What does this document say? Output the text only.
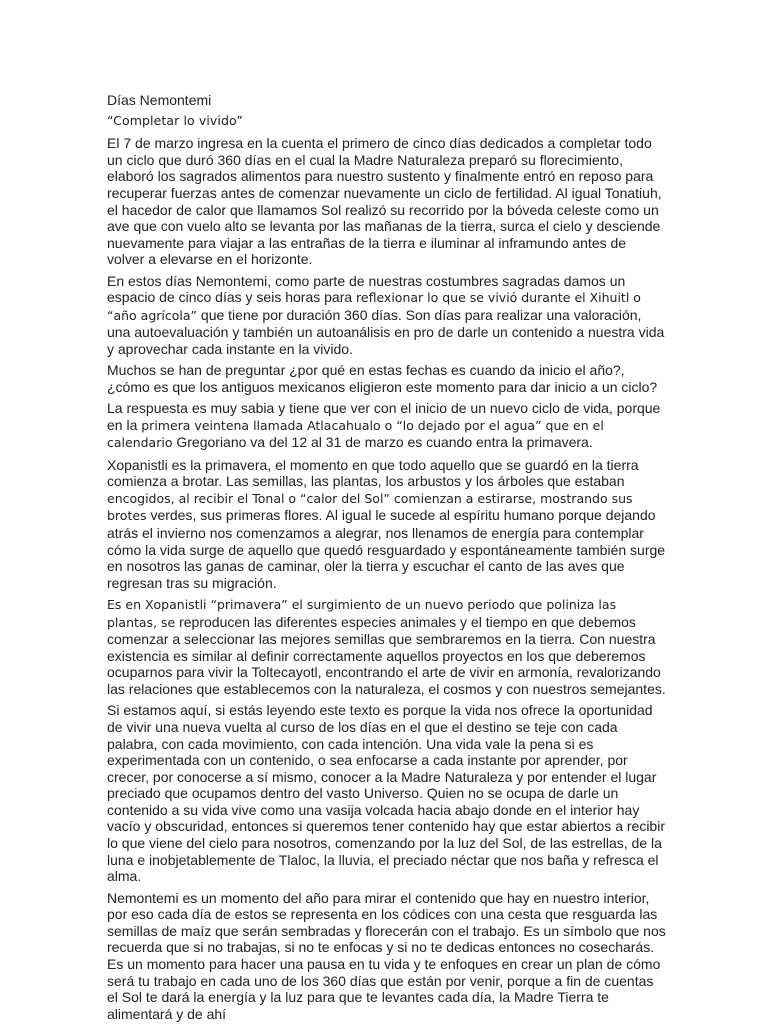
Días Nemontemi
“Completar lo vivido”

El 7 de marzo ingresa en la cuenta el primero de cinco días dedicados a completar todo un ciclo que duró 360 días en el cual la Madre Naturaleza preparó su florecimiento, elaboró los sagrados alimentos para nuestro sustento y finalmente entró en reposo para recuperar fuerzas antes de comenzar nuevamente un ciclo de fertilidad. Al igual Tonatiuh, el hacedor de calor que llamamos Sol realizó su recorrido por la bóveda celeste como un ave que con vuelo alto se levanta por las mañanas de la tierra, surca el cielo y desciende nuevamente para viajar a las entrañas de la tierra e iluminar al inframundo antes de volver a elevarse en el horizonte.

En estos días Nemontemi, como parte de nuestras costumbres sagradas damos un espacio de cinco días y seis horas para reflexionar lo que se vivió durante el Xihuitl o “año agrícola” que tiene por duración 360 días. Son días para realizar una valoración, una autoevaluación y también un autoanálisis en pro de darle un contenido a nuestra vida y aprovechar cada instante en la vivido.

Muchos se han de preguntar ¿por qué en estas fechas es cuando da inicio el año?, ¿cómo es que los antiguos mexicanos eligieron este momento para dar inicio a un ciclo?

La respuesta es muy sabia y tiene que ver con el inicio de un nuevo ciclo de vida, porque en la primera veintena llamada Atlacahualo o “lo dejado por el agua” que en el calendario Gregoriano va del 12 al 31 de marzo es cuando entra la primavera.

Xopanistli es la primavera, el momento en que todo aquello que se guardó en la tierra comienza a brotar. Las semillas, las plantas, los arbustos y los árboles que estaban encogidos, al recibir el Tonal o “calor del Sol” comienzan a estirarse, mostrando sus brotes verdes, sus primeras flores. Al igual le sucede al espíritu humano porque dejando atrás el invierno nos comenzamos a alegrar, nos llenamos de energía para contemplar cómo la vida surge de aquello que quedó resguardado y espontáneamente también surge en nosotros las ganas de caminar, oler la tierra y escuchar el canto de las aves que regresan tras su migración.

Es en Xopanistli “primavera” el surgimiento de un nuevo periodo que poliniza las plantas, se reproducen las diferentes especies animales y el tiempo en que debemos comenzar a seleccionar las mejores semillas que sembraremos en la tierra. Con nuestra existencia es similar al definir correctamente aquellos proyectos en los que deberemos ocuparnos para vivir la Toltecayotl, encontrando el arte de vivir en armonía, revalorizando las relaciones que establecemos con la naturaleza, el cosmos y con nuestros semejantes.

Si estamos aquí, si estás leyendo este texto es porque la vida nos ofrece la oportunidad de vivir una nueva vuelta al curso de los días en el que el destino se teje con cada palabra, con cada movimiento, con cada intención. Una vida vale la pena si es experimentada con un contenido, o sea enfocarse a cada instante por aprender, por crecer, por conocerse a sí mismo, conocer a la Madre Naturaleza y por entender el lugar preciado que ocupamos dentro del vasto Universo. Quien no se ocupa de darle un contenido a su vida vive como una vasija volcada hacia abajo donde en el interior hay vacío y obscuridad, entonces si queremos tener contenido hay que estar abiertos a recibir lo que viene del cielo para nosotros, comenzando por la luz del Sol, de las estrellas, de la luna e inobjetablemente de Tlaloc, la lluvia, el preciado néctar que nos baña y refresca el alma.

Nemontemi es un momento del año para mirar el contenido que hay en nuestro interior, por eso cada día de estos se representa en los códices con una cesta que resguarda las semillas de maíz que serán sembradas y florecerán con el trabajo. Es un símbolo que nos recuerda que si no trabajas, si no te enfocas y si no te dedicas entonces no cosecharás. Es un momento para hacer una pausa en tu vida y te enfoques en crear un plan de cómo será tu trabajo en cada uno de los 360 días que están por venir, porque a fin de cuentas el Sol te dará la energía y la luz para que te levantes cada día, la Madre Tierra te alimentará y de ahí
